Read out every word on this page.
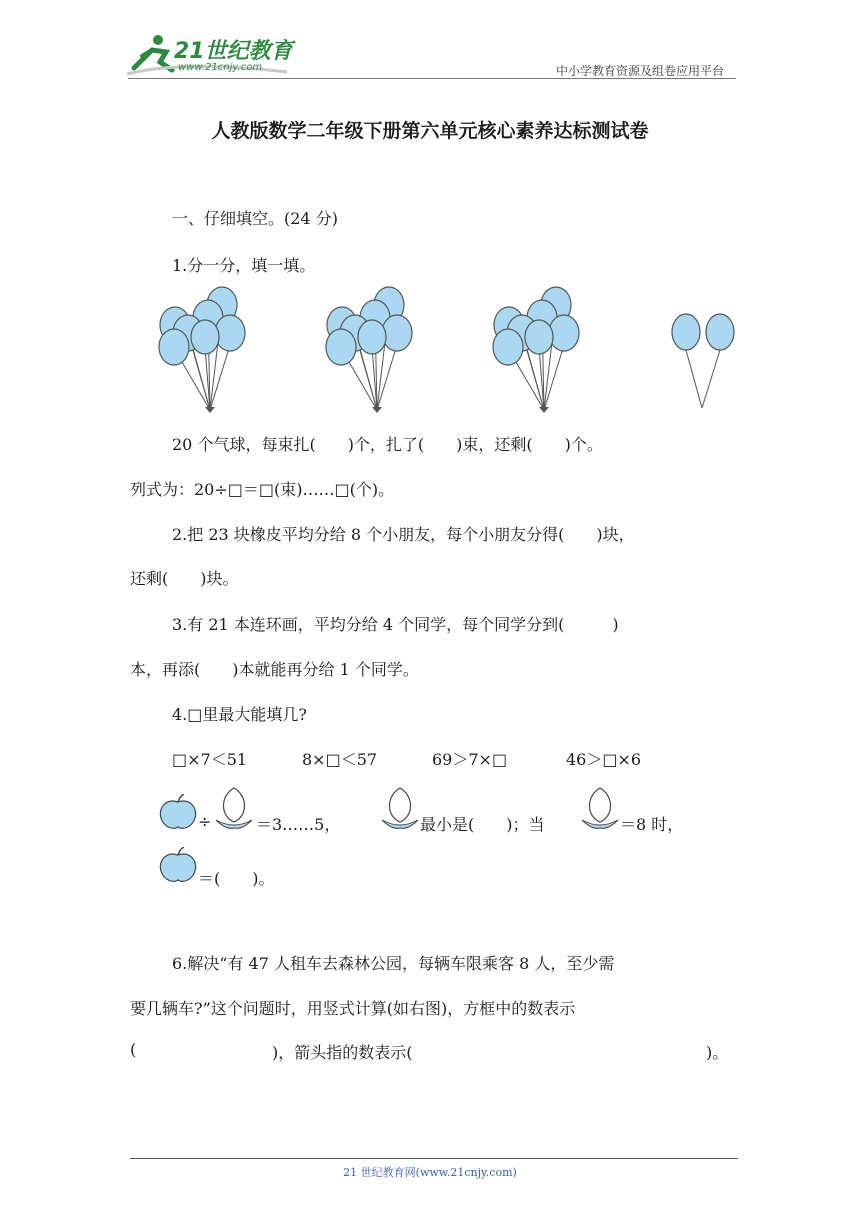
21世纪教育
www.21cnjy.com	中小学教育资源及组卷应用平台
人教版数学二年级下册第六单元核心素养达标测试卷
一、仔细填空。(24 分)
1.分一分，填一填。
20 个气球，每束扎(　　)个，扎了(　　)束，还剩(　　)个。
列式为：20÷□＝□(束)……□(个)。
2.把 23 块橡皮平均分给 8 个小朋友，每个小朋友分得(　　)块，
还剩(　　)块。
3.有 21 本连环画，平均分给 4 个同学，每个同学分到(　　　)
本，再添(　　)本就能再分给 1 个同学。
4.□里最大能填几?
□×7＜51	8×□＜57	69＞7×□	46＞□×6
÷	＝3……5，	最小是(　　)；当	＝8 时，
＝(　　)。
6.解决“有 47 人租车去森林公园，每辆车限乘客 8 人，至少需
要几辆车?”这个问题时，用竖式计算(如右图)，方框中的数表示
(	)，箭头指的数表示(	)。
21 世纪教育网(www.21cnjy.com)
